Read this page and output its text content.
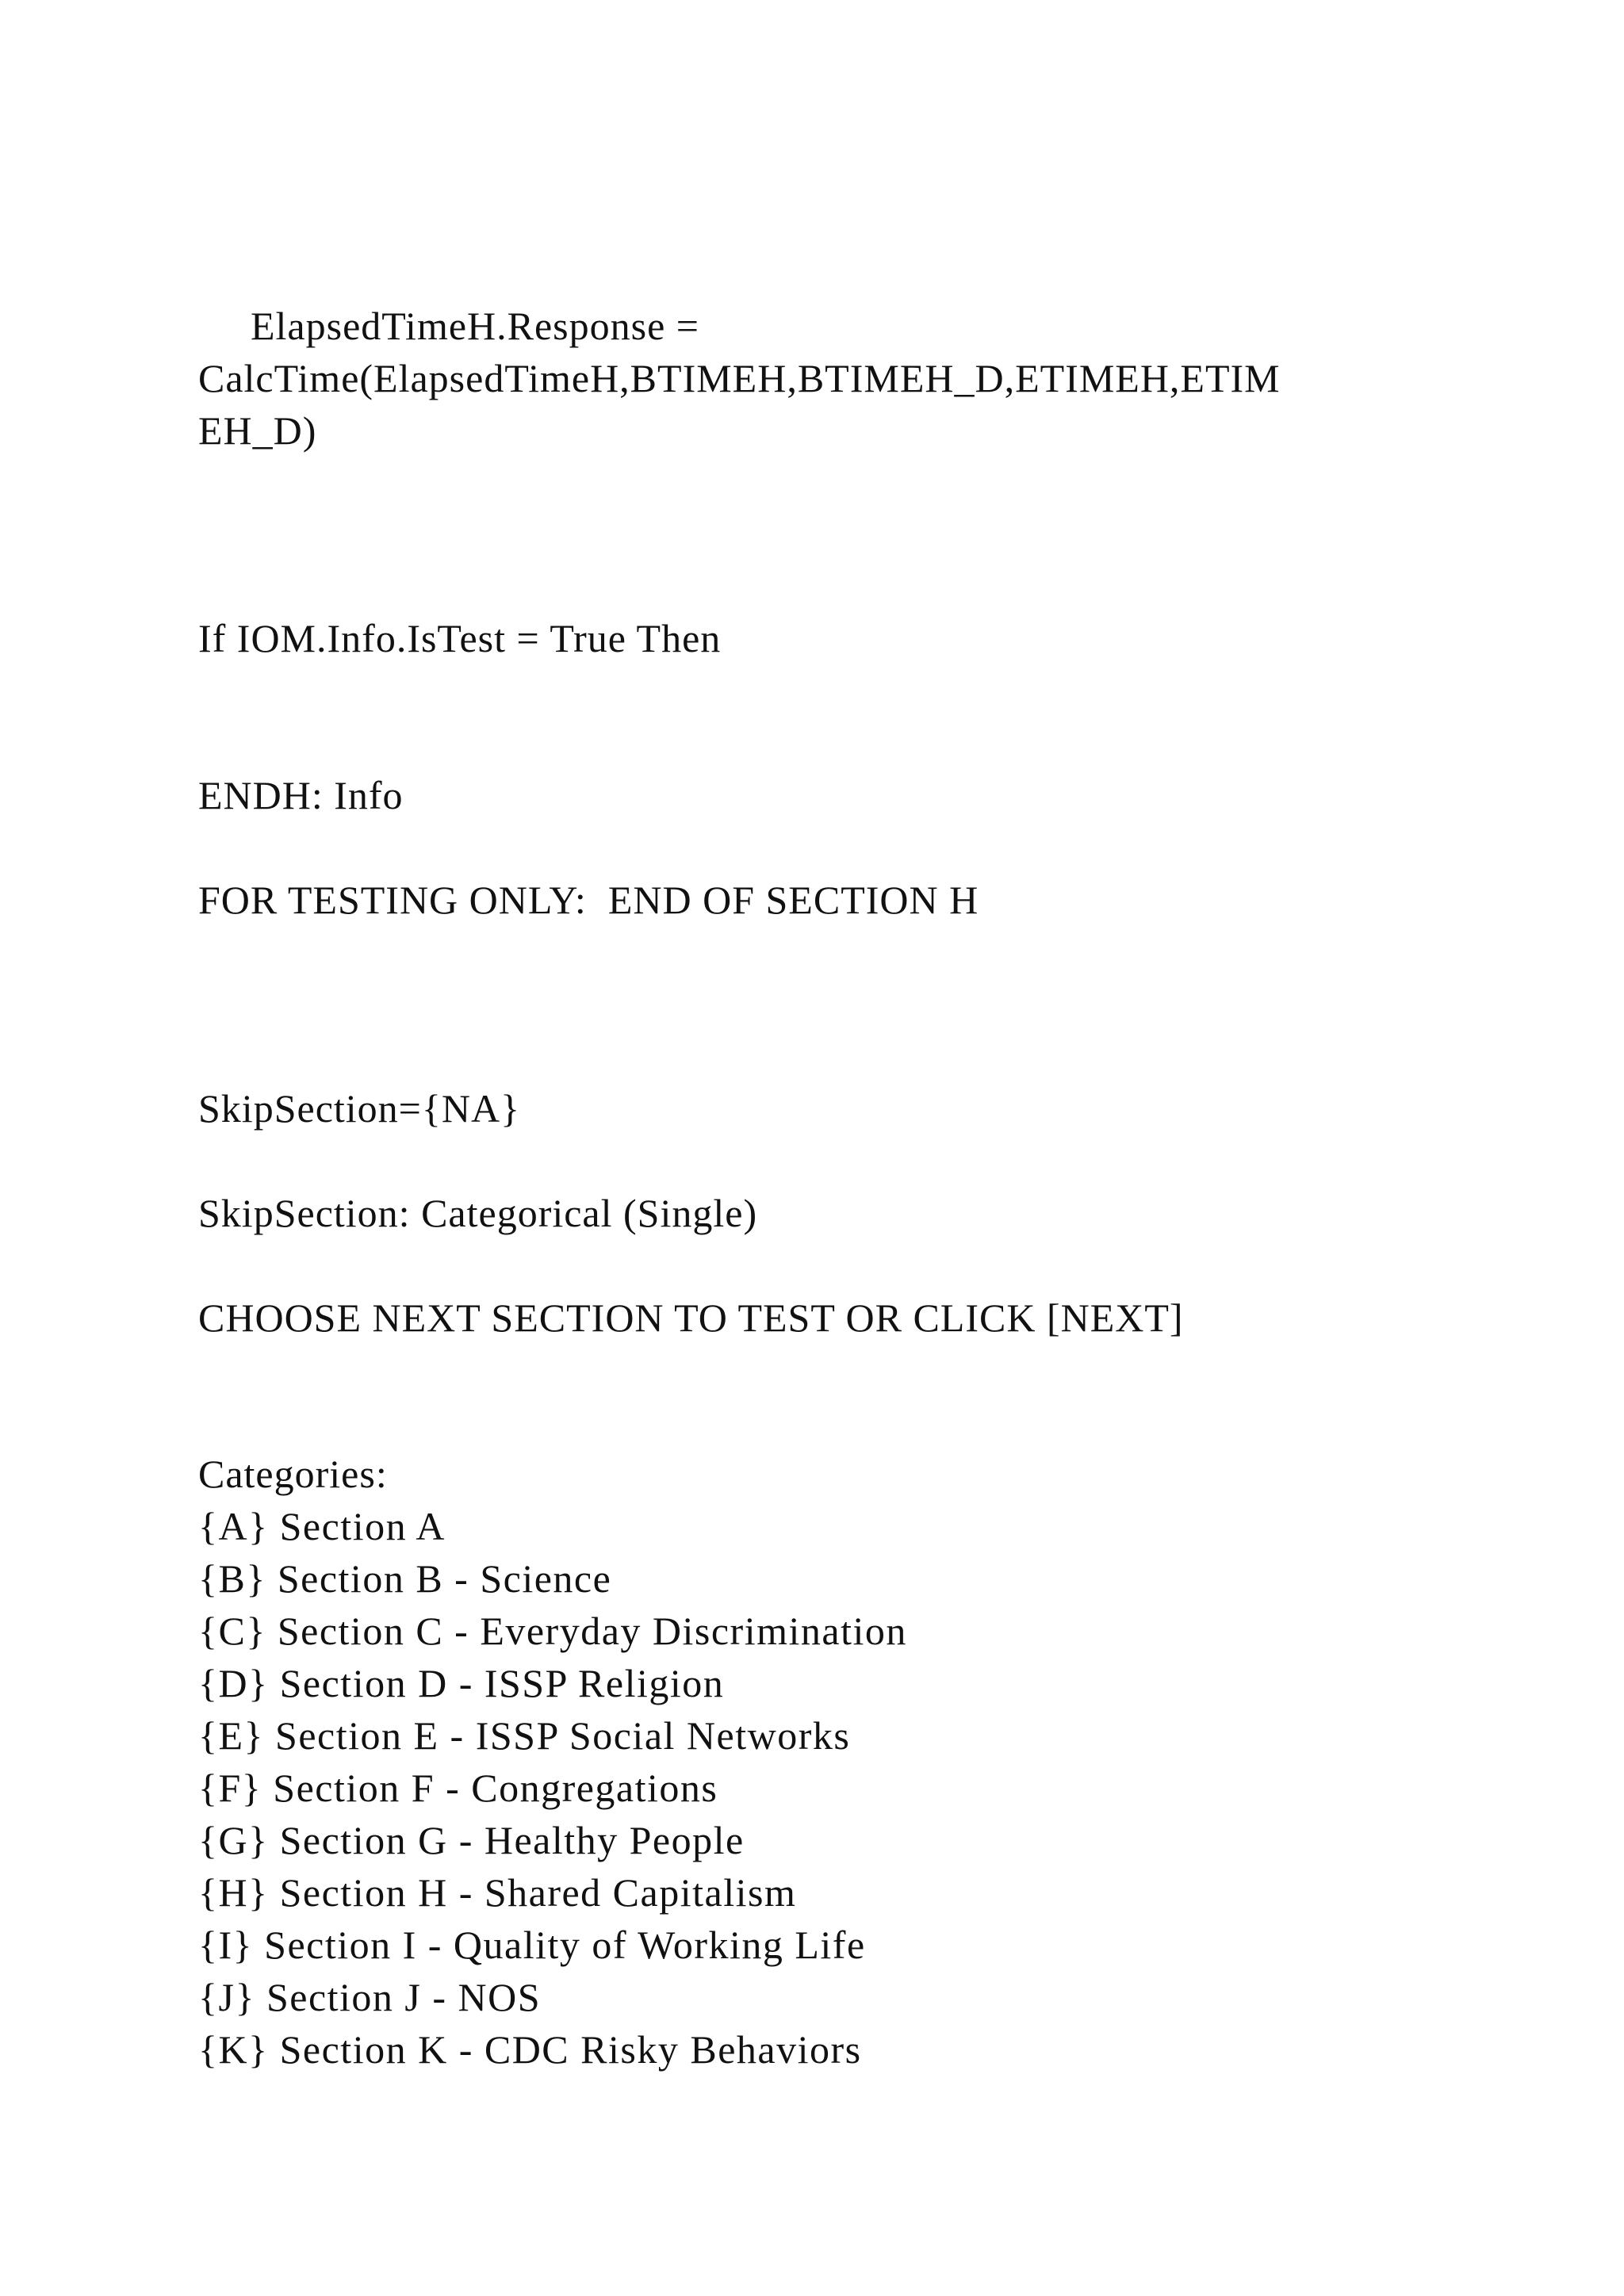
ElapsedTimeH.Response =
CalcTime(ElapsedTimeH,BTIMEH,BTIMEH_D,ETIMEH,ETIM
EH_D)
If IOM.Info.IsTest = True Then
ENDH: Info
FOR TESTING ONLY:  END OF SECTION H
SkipSection={NA}
SkipSection: Categorical (Single)
CHOOSE NEXT SECTION TO TEST OR CLICK [NEXT]
Categories:
{A} Section A
{B} Section B - Science
{C} Section C - Everyday Discrimination
{D} Section D - ISSP Religion
{E} Section E - ISSP Social Networks
{F} Section F - Congregations
{G} Section G - Healthy People
{H} Section H - Shared Capitalism
{I} Section I - Quality of Working Life
{J} Section J - NOS
{K} Section K - CDC Risky Behaviors
